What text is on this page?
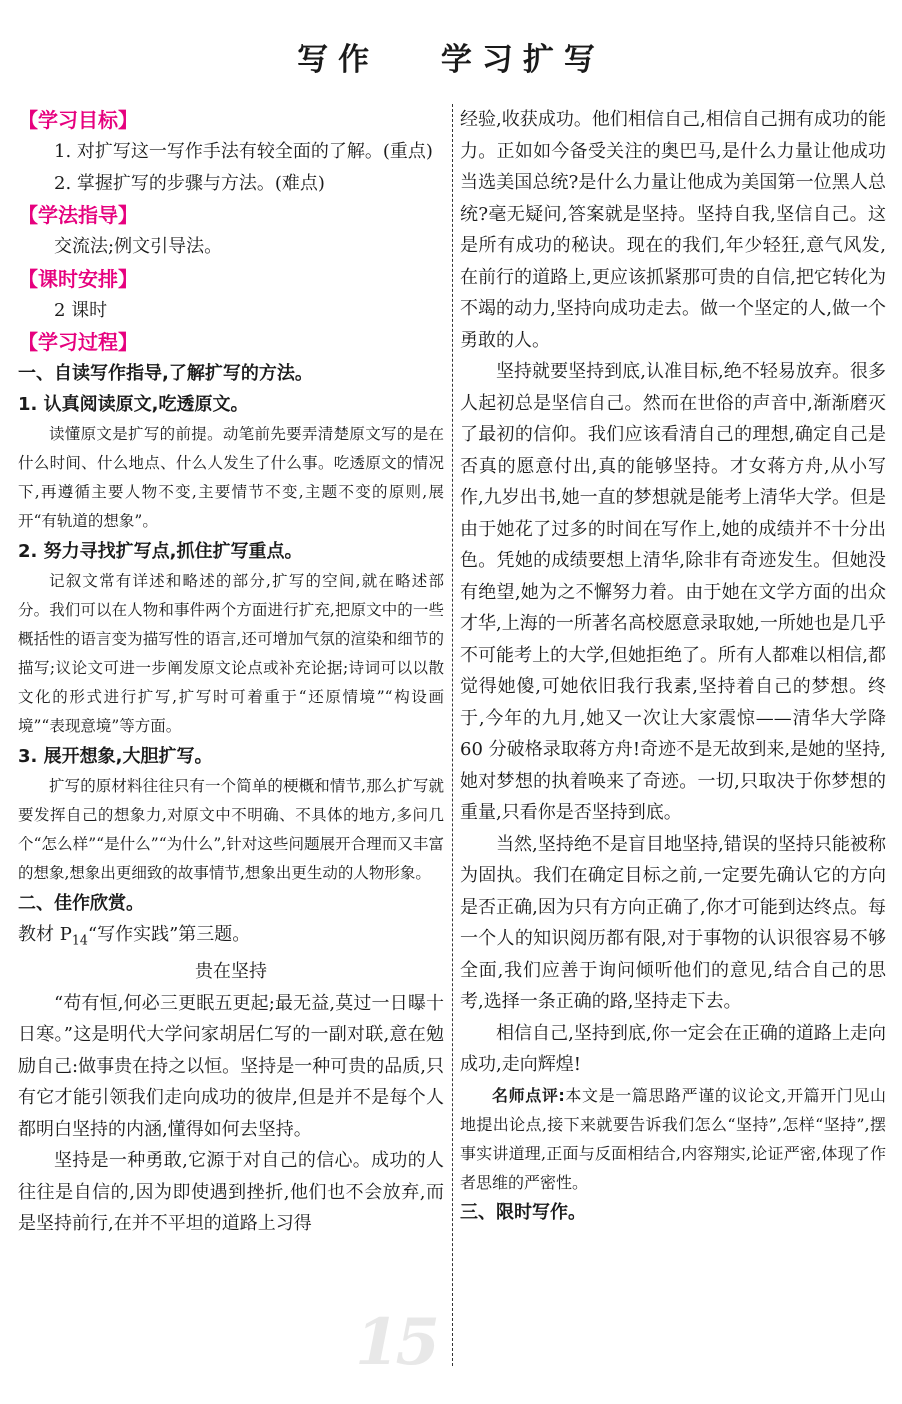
写作　 学习扩写
【学习目标】
1. 对扩写这一写作手法有较全面的了解。(重点)
2. 掌握扩写的步骤与方法。(难点)
【学法指导】
交流法;例文引导法。
【课时安排】
2 课时
【学习过程】
一、自读写作指导,了解扩写的方法。
1. 认真阅读原文,吃透原文。
读懂原文是扩写的前提。动笔前先要弄清楚原文写的是在什么时间、什么地点、什么人发生了什么事。吃透原文的情况下,再遵循主要人物不变,主要情节不变,主题不变的原则,展开“有轨道的想象”。
2. 努力寻找扩写点,抓住扩写重点。
记叙文常有详述和略述的部分,扩写的空间,就在略述部分。我们可以在人物和事件两个方面进行扩充,把原文中的一些概括性的语言变为描写性的语言,还可增加气氛的渲染和细节的描写;议论文可进一步阐发原文论点或补充论据;诗词可以以散文化的形式进行扩写,扩写时可着重于“还原情境”“构设画境”“表现意境”等方面。
3. 展开想象,大胆扩写。
扩写的原材料往往只有一个简单的梗概和情节,那么扩写就要发挥自己的想象力,对原文中不明确、不具体的地方,多问几个“怎么样”“是什么”“为什么”,针对这些问题展开合理而又丰富的想象,想象出更细致的故事情节,想象出更生动的人物形象。
二、佳作欣赏。
教材 $P_{14}“$写作实践”第三题。
贵在坚持
“苟有恒,何必三更眠五更起;最无益,莫过一日曝十日寒。”这是明代大学问家胡居仁写的一副对联,意在勉励自己:做事贵在持之以恒。坚持是一种可贵的品质,只有它才能引领我们走向成功的彼岸,但是并不是每个人都明白坚持的内涵,懂得如何去坚持。
坚持是一种勇敢,它源于对自己的信心。成功的人往往是自信的,因为即使遇到挫折,他们也不会放弃,而是坚持前行,在并不平坦的道路上习得
经验,收获成功。他们相信自己,相信自己拥有成功的能力。正如如今备受关注的奥巴马,是什么力量让他成功当选美国总统?是什么力量让他成为美国第一位黑人总统?毫无疑问,答案就是坚持。坚持自我,坚信自己。这是所有成功的秘诀。现在的我们,年少轻狂,意气风发,在前行的道路上,更应该抓紧那可贵的自信,把它转化为不竭的动力,坚持向成功走去。做一个坚定的人,做一个勇敢的人。
坚持就要坚持到底,认准目标,绝不轻易放弃。很多人起初总是坚信自己。然而在世俗的声音中,渐渐磨灭了最初的信仰。我们应该看清自己的理想,确定自己是否真的愿意付出,真的能够坚持。才女蒋方舟,从小写作,九岁出书,她一直的梦想就是能考上清华大学。但是由于她花了过多的时间在写作上,她的成绩并不十分出色。凭她的成绩要想上清华,除非有奇迹发生。但她没有绝望,她为之不懈努力着。由于她在文学方面的出众才华,上海的一所著名高校愿意录取她,一所她也是几乎不可能考上的大学,但她拒绝了。所有人都难以相信,都觉得她傻,可她依旧我行我素,坚持着自己的梦想。终于,今年的九月,她又一次让大家震惊——清华大学降 60 分破格录取蒋方舟!奇迹不是无故到来,是她的坚持,她对梦想的执着唤来了奇迹。一切,只取决于你梦想的重量,只看你是否坚持到底。
当然,坚持绝不是盲目地坚持,错误的坚持只能被称为固执。我们在确定目标之前,一定要先确认它的方向是否正确,因为只有方向正确了,你才可能到达终点。每一个人的知识阅历都有限,对于事物的认识很容易不够全面,我们应善于询问倾听他们的意见,结合自己的思考,选择一条正确的路,坚持走下去。
相信自己,坚持到底,你一定会在正确的道路上走向成功,走向辉煌!
名师点评:本文是一篇思路严谨的议论文,开篇开门见山地提出论点,接下来就要告诉我们怎么“坚持”,怎样“坚持”,摆事实讲道理,正面与反面相结合,内容翔实,论证严密,体现了作者思维的严密性。
三、限时写作。
15
